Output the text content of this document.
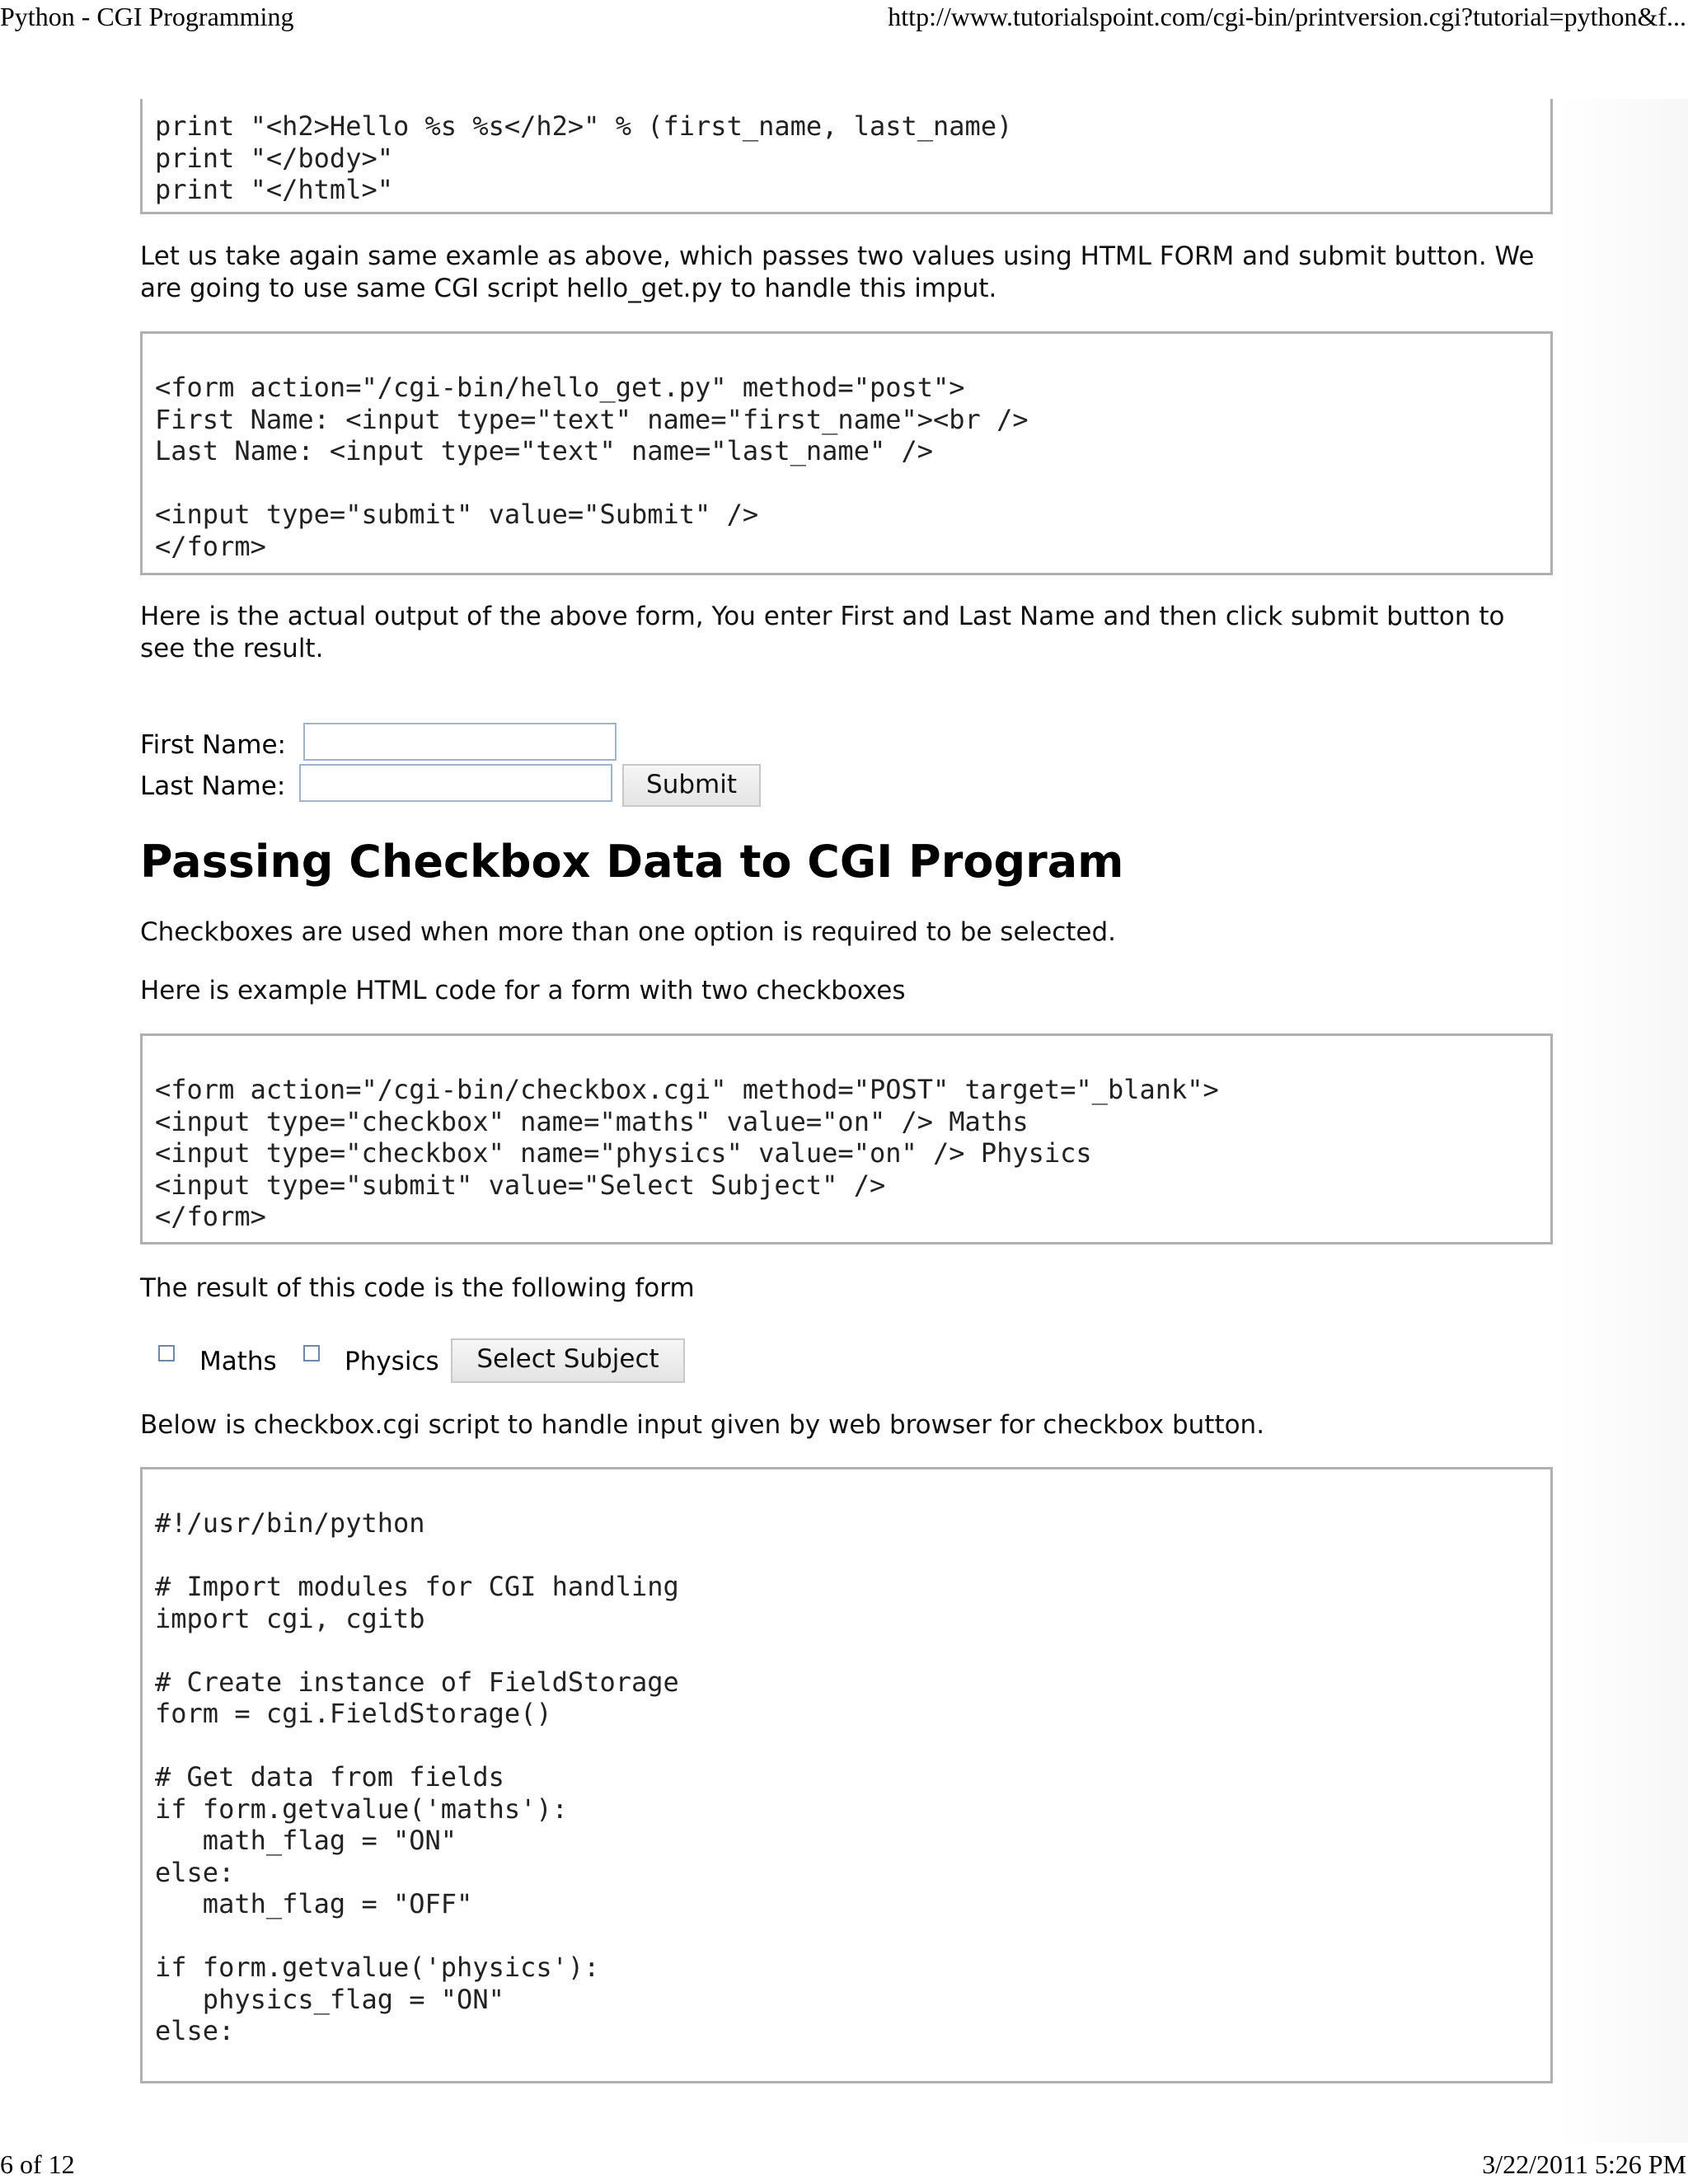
Python - CGI Programming	http://www.tutorialspoint.com/cgi-bin/printversion.cgi?tutorial=python&f...
print "<h2>Hello %s %s</h2>" % (first_name, last_name)
print "</body>"
print "</html>"

Let us take again same examle as above, which passes two values using HTML FORM and submit button. We are going to use same CGI script hello_get.py to handle this imput.

<form action="/cgi-bin/hello_get.py" method="post">
First Name: <input type="text" name="first_name"><br />
Last Name: <input type="text" name="last_name" />

<input type="submit" value="Submit" />
</form>

Here is the actual output of the above form, You enter First and Last Name and then click submit button to see the result.

First Name:
Last Name:	Submit
Passing Checkbox Data to CGI Program

Checkboxes are used when more than one option is required to be selected.

Here is example HTML code for a form with two checkboxes

<form action="/cgi-bin/checkbox.cgi" method="POST" target="_blank">
<input type="checkbox" name="maths" value="on" /> Maths
<input type="checkbox" name="physics" value="on" /> Physics
<input type="submit" value="Select Subject" />
</form>

The result of this code is the following form

Maths	Physics	Select Subject

Below is checkbox.cgi script to handle input given by web browser for checkbox button.

#!/usr/bin/python

# Import modules for CGI handling
import cgi, cgitb

# Create instance of FieldStorage
form = cgi.FieldStorage()

# Get data from fields
if form.getvalue('maths'):
math_flag = "ON"
else:
math_flag = "OFF"

if form.getvalue('physics'):
physics_flag = "ON"
else:
6 of 12	3/22/2011 5:26 PM
